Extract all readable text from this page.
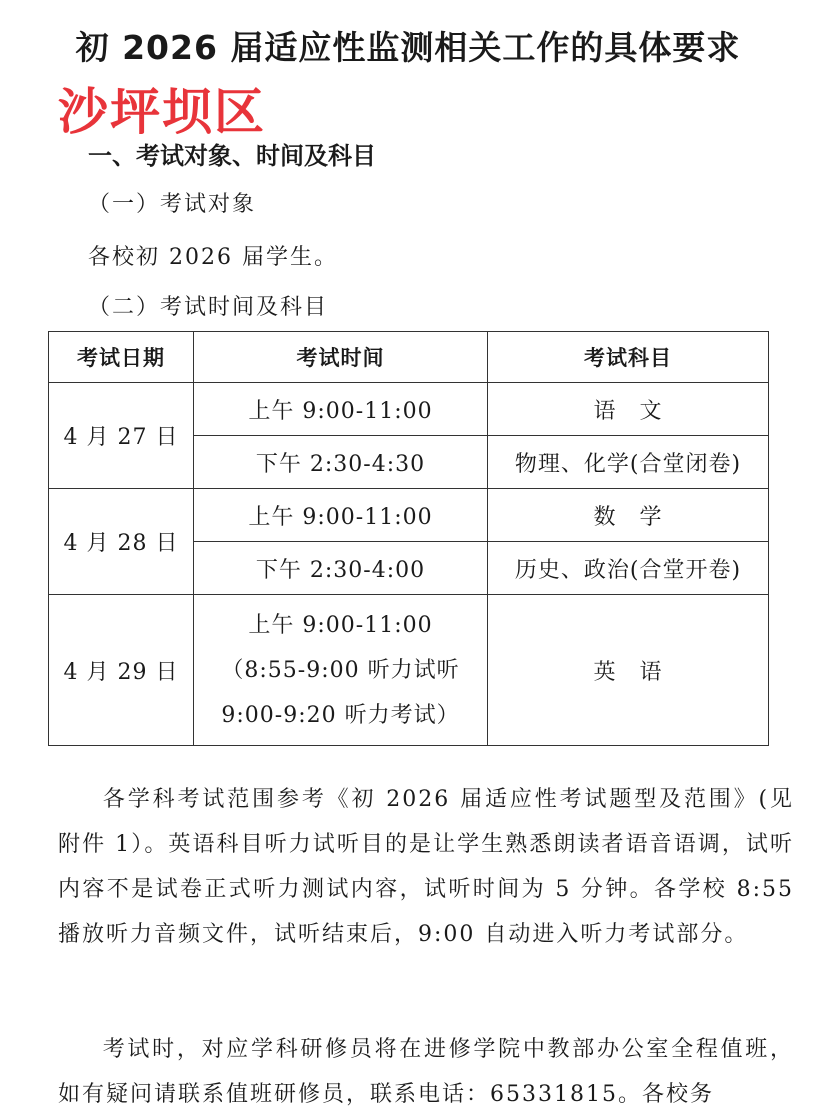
初 2026 届适应性监测相关工作的具体要求
沙坪坝区
一、考试对象、时间及科目
（一）考试对象
各校初 2026 届学生。
（二）考试时间及科目
考试日期	考试时间	考试科目
4 月 27 日	上午 9:00-11:00	语　文
	下午 2:30-4:30	物理、化学(合堂闭卷)
4 月 28 日	上午 9:00-11:00	数　学
	下午 2:30-4:00	历史、政治(合堂开卷)
4 月 29 日	上午 9:00-11:00
（8:55-9:00 听力试听
9:00-9:20 听力考试）	英　语
各学科考试范围参考《初 2026 届适应性考试题型及范围》(见附件 1）。英语科目听力试听目的是让学生熟悉朗读者语音语调，试听内容不是试卷正式听力测试内容，试听时间为 5 分钟。各学校 8:55 播放听力音频文件，试听结束后，9:00 自动进入听力考试部分。
考试时，对应学科研修员将在进修学院中教部办公室全程值班，如有疑问请联系值班研修员，联系电话：65331815。各校务
